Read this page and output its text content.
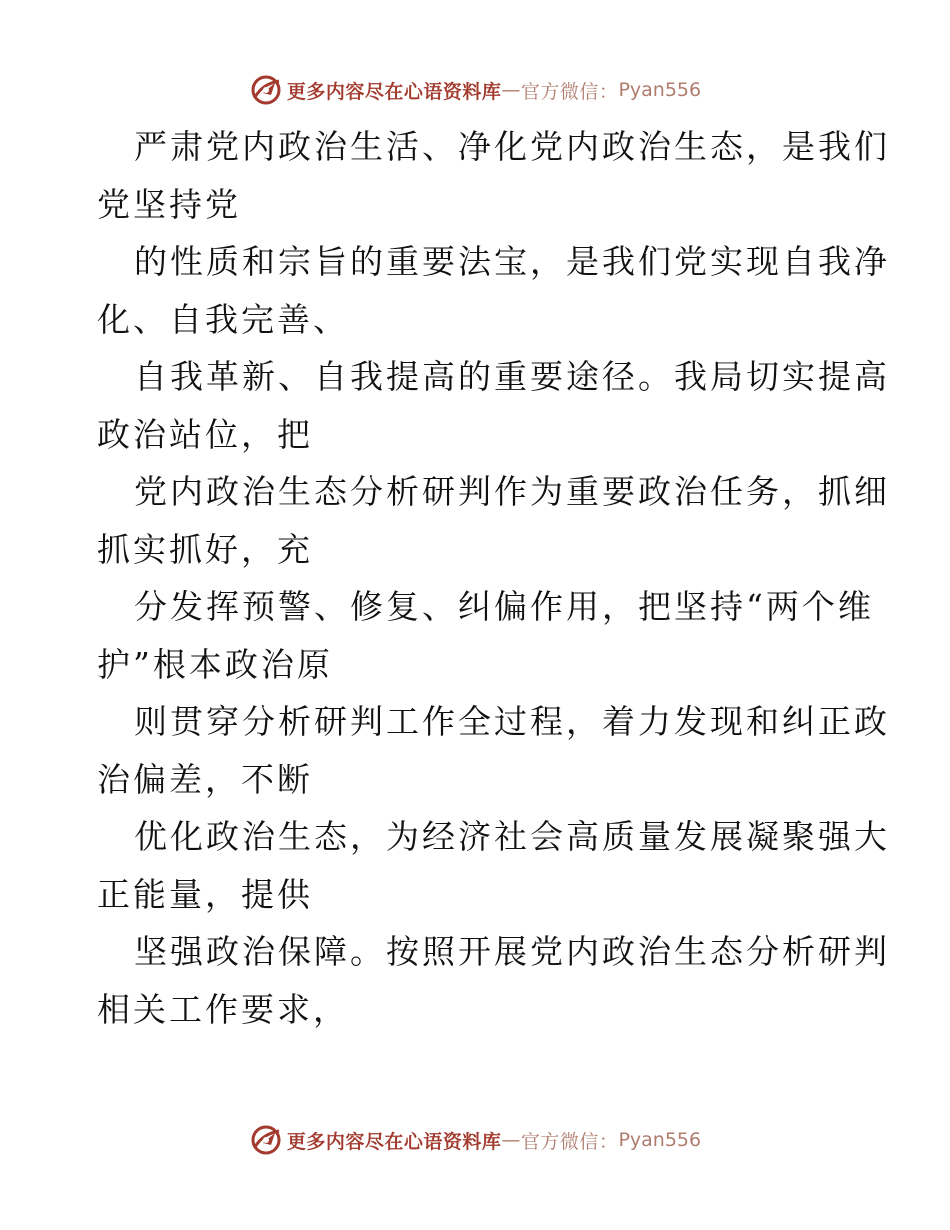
更多内容尽在心语资料库 — 官方微信： Pyan556
严肃党内政治生活、净化党内政治生态，是我们
党坚持党
的性质和宗旨的重要法宝，是我们党实现自我净
化、自我完善、
自我革新、自我提高的重要途径。我局切实提高
政治站位，把
党内政治生态分析研判作为重要政治任务，抓细
抓实抓好，充
分发挥预警、修复、纠偏作用，把坚持“两个维
护”根本政治原
则贯穿分析研判工作全过程，着力发现和纠正政
治偏差，不断
优化政治生态，为经济社会高质量发展凝聚强大
正能量，提供
坚强政治保障。按照开展党内政治生态分析研判
相关工作要求，
更多内容尽在心语资料库 — 官方微信： Pyan556
